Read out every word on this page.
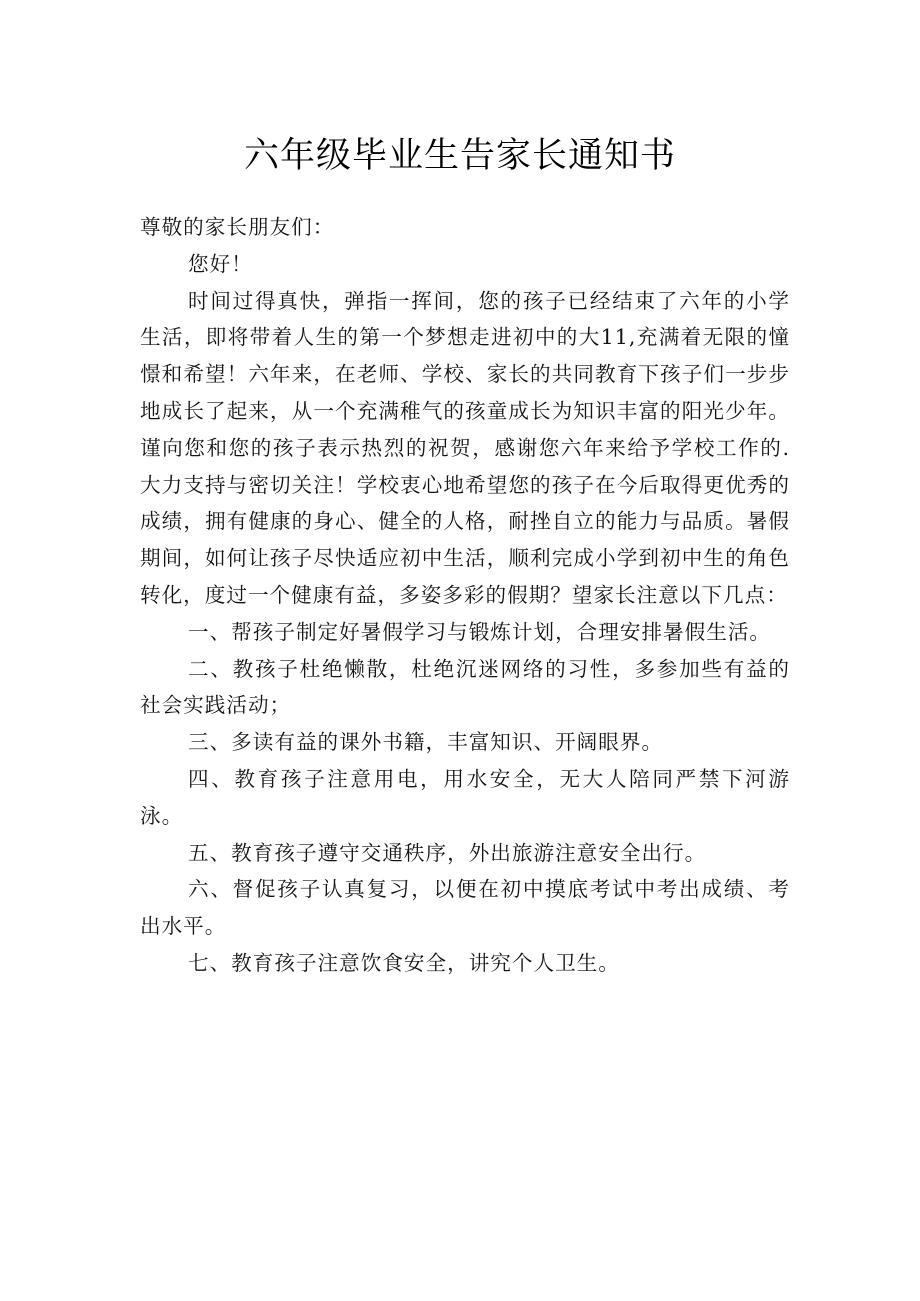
六年级毕业生告家长通知书

尊敬的家长朋友们：

您好！

时间过得真快，弹指一挥间，您的孩子已经结束了六年的小学生活，即将带着人生的第一个梦想走进初中的大11,充满着无限的憧憬和希望！六年来，在老师、学校、家长的共同教育下孩子们一步步地成长了起来，从一个充满稚气的孩童成长为知识丰富的阳光少年。谨向您和您的孩子表示热烈的祝贺，感谢您六年来给予学校工作的.大力支持与密切关注！学校衷心地希望您的孩子在今后取得更优秀的成绩，拥有健康的身心、健全的人格，耐挫自立的能力与品质。暑假期间，如何让孩子尽快适应初中生活，顺利完成小学到初中生的角色转化，度过一个健康有益，多姿多彩的假期？望家长注意以下几点：

一、帮孩子制定好暑假学习与锻炼计划，合理安排暑假生活。

二、教孩子杜绝懒散，杜绝沉迷网络的习性，多参加些有益的社会实践活动；

三、多读有益的课外书籍，丰富知识、开阔眼界。

四、教育孩子注意用电，用水安全，无大人陪同严禁下河游泳。

五、教育孩子遵守交通秩序，外出旅游注意安全出行。

六、督促孩子认真复习，以便在初中摸底考试中考出成绩、考出水平。

七、教育孩子注意饮食安全，讲究个人卫生。
